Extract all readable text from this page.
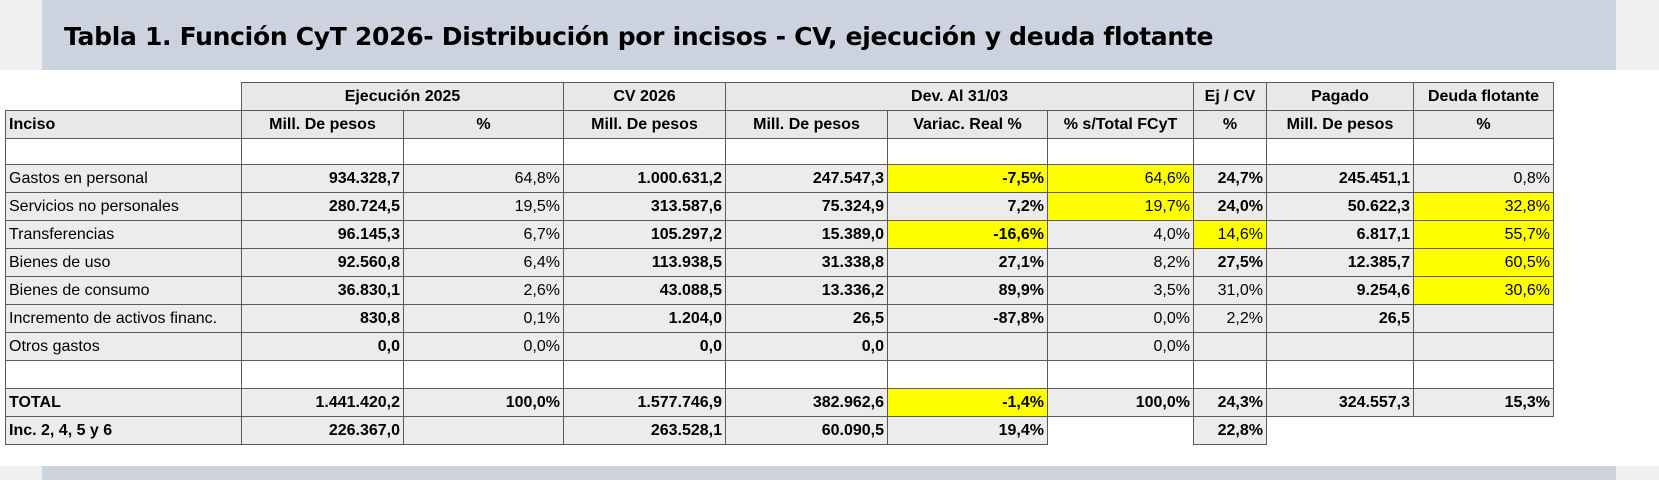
Tabla 1. Función CyT 2026- Distribución por incisos - CV, ejecución y deuda flotante
	Ejecución 2025		CV 2026	Dev. Al 31/03			Ej / CV	Pagado	Deuda flotante
Inciso	Mill. De pesos	%	Mill. De pesos	Mill. De pesos	Variac. Real %	% s/Total FCyT	%	Mill. De pesos	%

Gastos en personal	934.328,7	64,8%	1.000.631,2	247.547,3	-7,5%	64,6%	24,7%	245.451,1	0,8%
Servicios no personales	280.724,5	19,5%	313.587,6	75.324,9	7,2%	19,7%	24,0%	50.622,3	32,8%
Transferencias	96.145,3	6,7%	105.297,2	15.389,0	-16,6%	4,0%	14,6%	6.817,1	55,7%
Bienes de uso	92.560,8	6,4%	113.938,5	31.338,8	27,1%	8,2%	27,5%	12.385,7	60,5%
Bienes de consumo	36.830,1	2,6%	43.088,5	13.336,2	89,9%	3,5%	31,0%	9.254,6	30,6%
Incremento de activos financ.	830,8	0,1%	1.204,0	26,5	-87,8%	0,0%	2,2%	26,5	
Otros gastos	0,0	0,0%	0,0	0,0		0,0%			

TOTAL	1.441.420,2	100,0%	1.577.746,9	382.962,6	-1,4%	100,0%	24,3%	324.557,3	15,3%
Inc. 2, 4, 5 y 6	226.367,0		263.528,1	60.090,5	19,4%		22,8%		
